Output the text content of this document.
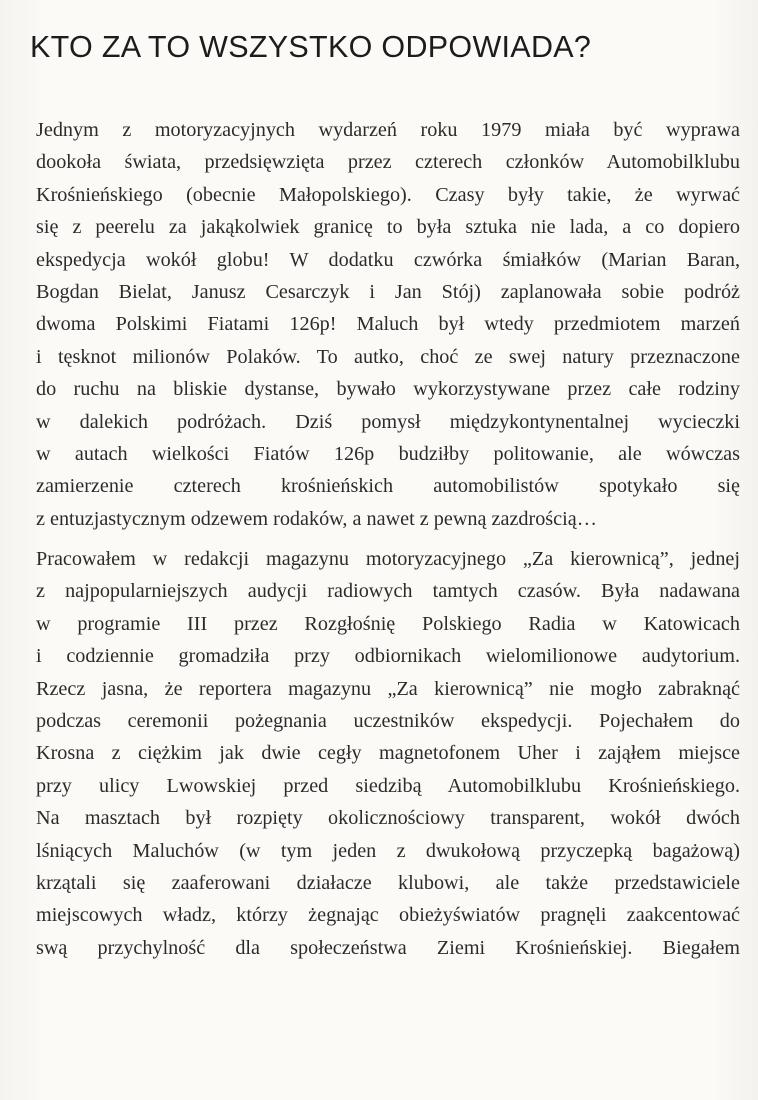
KTO ZA TO WSZYSTKO ODPOWIADA?

Jednym z motoryzacyjnych wydarzeń roku 1979 miała być wyprawa
dookoła świata, przedsięwzięta przez czterech członków Automobilklubu
Krośnieńskiego (obecnie Małopolskiego). Czasy były takie, że wyrwać
się z peerelu za jakąkolwiek granicę to była sztuka nie lada, a co dopiero
ekspedycja wokół globu! W dodatku czwórka śmiałków (Marian Baran,
Bogdan Bielat, Janusz Cesarczyk i Jan Stój) zaplanowała sobie podróż
dwoma Polskimi Fiatami 126p! Maluch był wtedy przedmiotem marzeń
i tęsknot milionów Polaków. To autko, choć ze swej natury przeznaczone
do ruchu na bliskie dystanse, bywało wykorzystywane przez całe rodziny
w dalekich podróżach. Dziś pomysł międzykontynentalnej wycieczki
w autach wielkości Fiatów 126p budziłby politowanie, ale wówczas
zamierzenie czterech krośnieńskich automobilistów spotykało się
z entuzjastycznym odzewem rodaków, a nawet z pewną zazdrością…

Pracowałem w redakcji magazynu motoryzacyjnego „Za kierownicą”, jednej
z najpopularniejszych audycji radiowych tamtych czasów. Była nadawana
w programie III przez Rozgłośnię Polskiego Radia w Katowicach
i codziennie gromadziła przy odbiornikach wielomilionowe audytorium.
Rzecz jasna, że reportera magazynu „Za kierownicą” nie mogło zabraknąć
podczas ceremonii pożegnania uczestników ekspedycji. Pojechałem do
Krosna z ciężkim jak dwie cegły magnetofonem Uher i zająłem miejsce
przy ulicy Lwowskiej przed siedzibą Automobilklubu Krośnieńskiego.
Na masztach był rozpięty okolicznościowy transparent, wokół dwóch
lśniących Maluchów (w tym jeden z dwukołową przyczepką bagażową)
krzątali się zaaferowani działacze klubowi, ale także przedstawiciele
miejscowych władz, którzy żegnając obieżyświatów pragnęli zaakcentować
swą przychylność dla społeczeństwa Ziemi Krośnieńskiej. Biegałem
